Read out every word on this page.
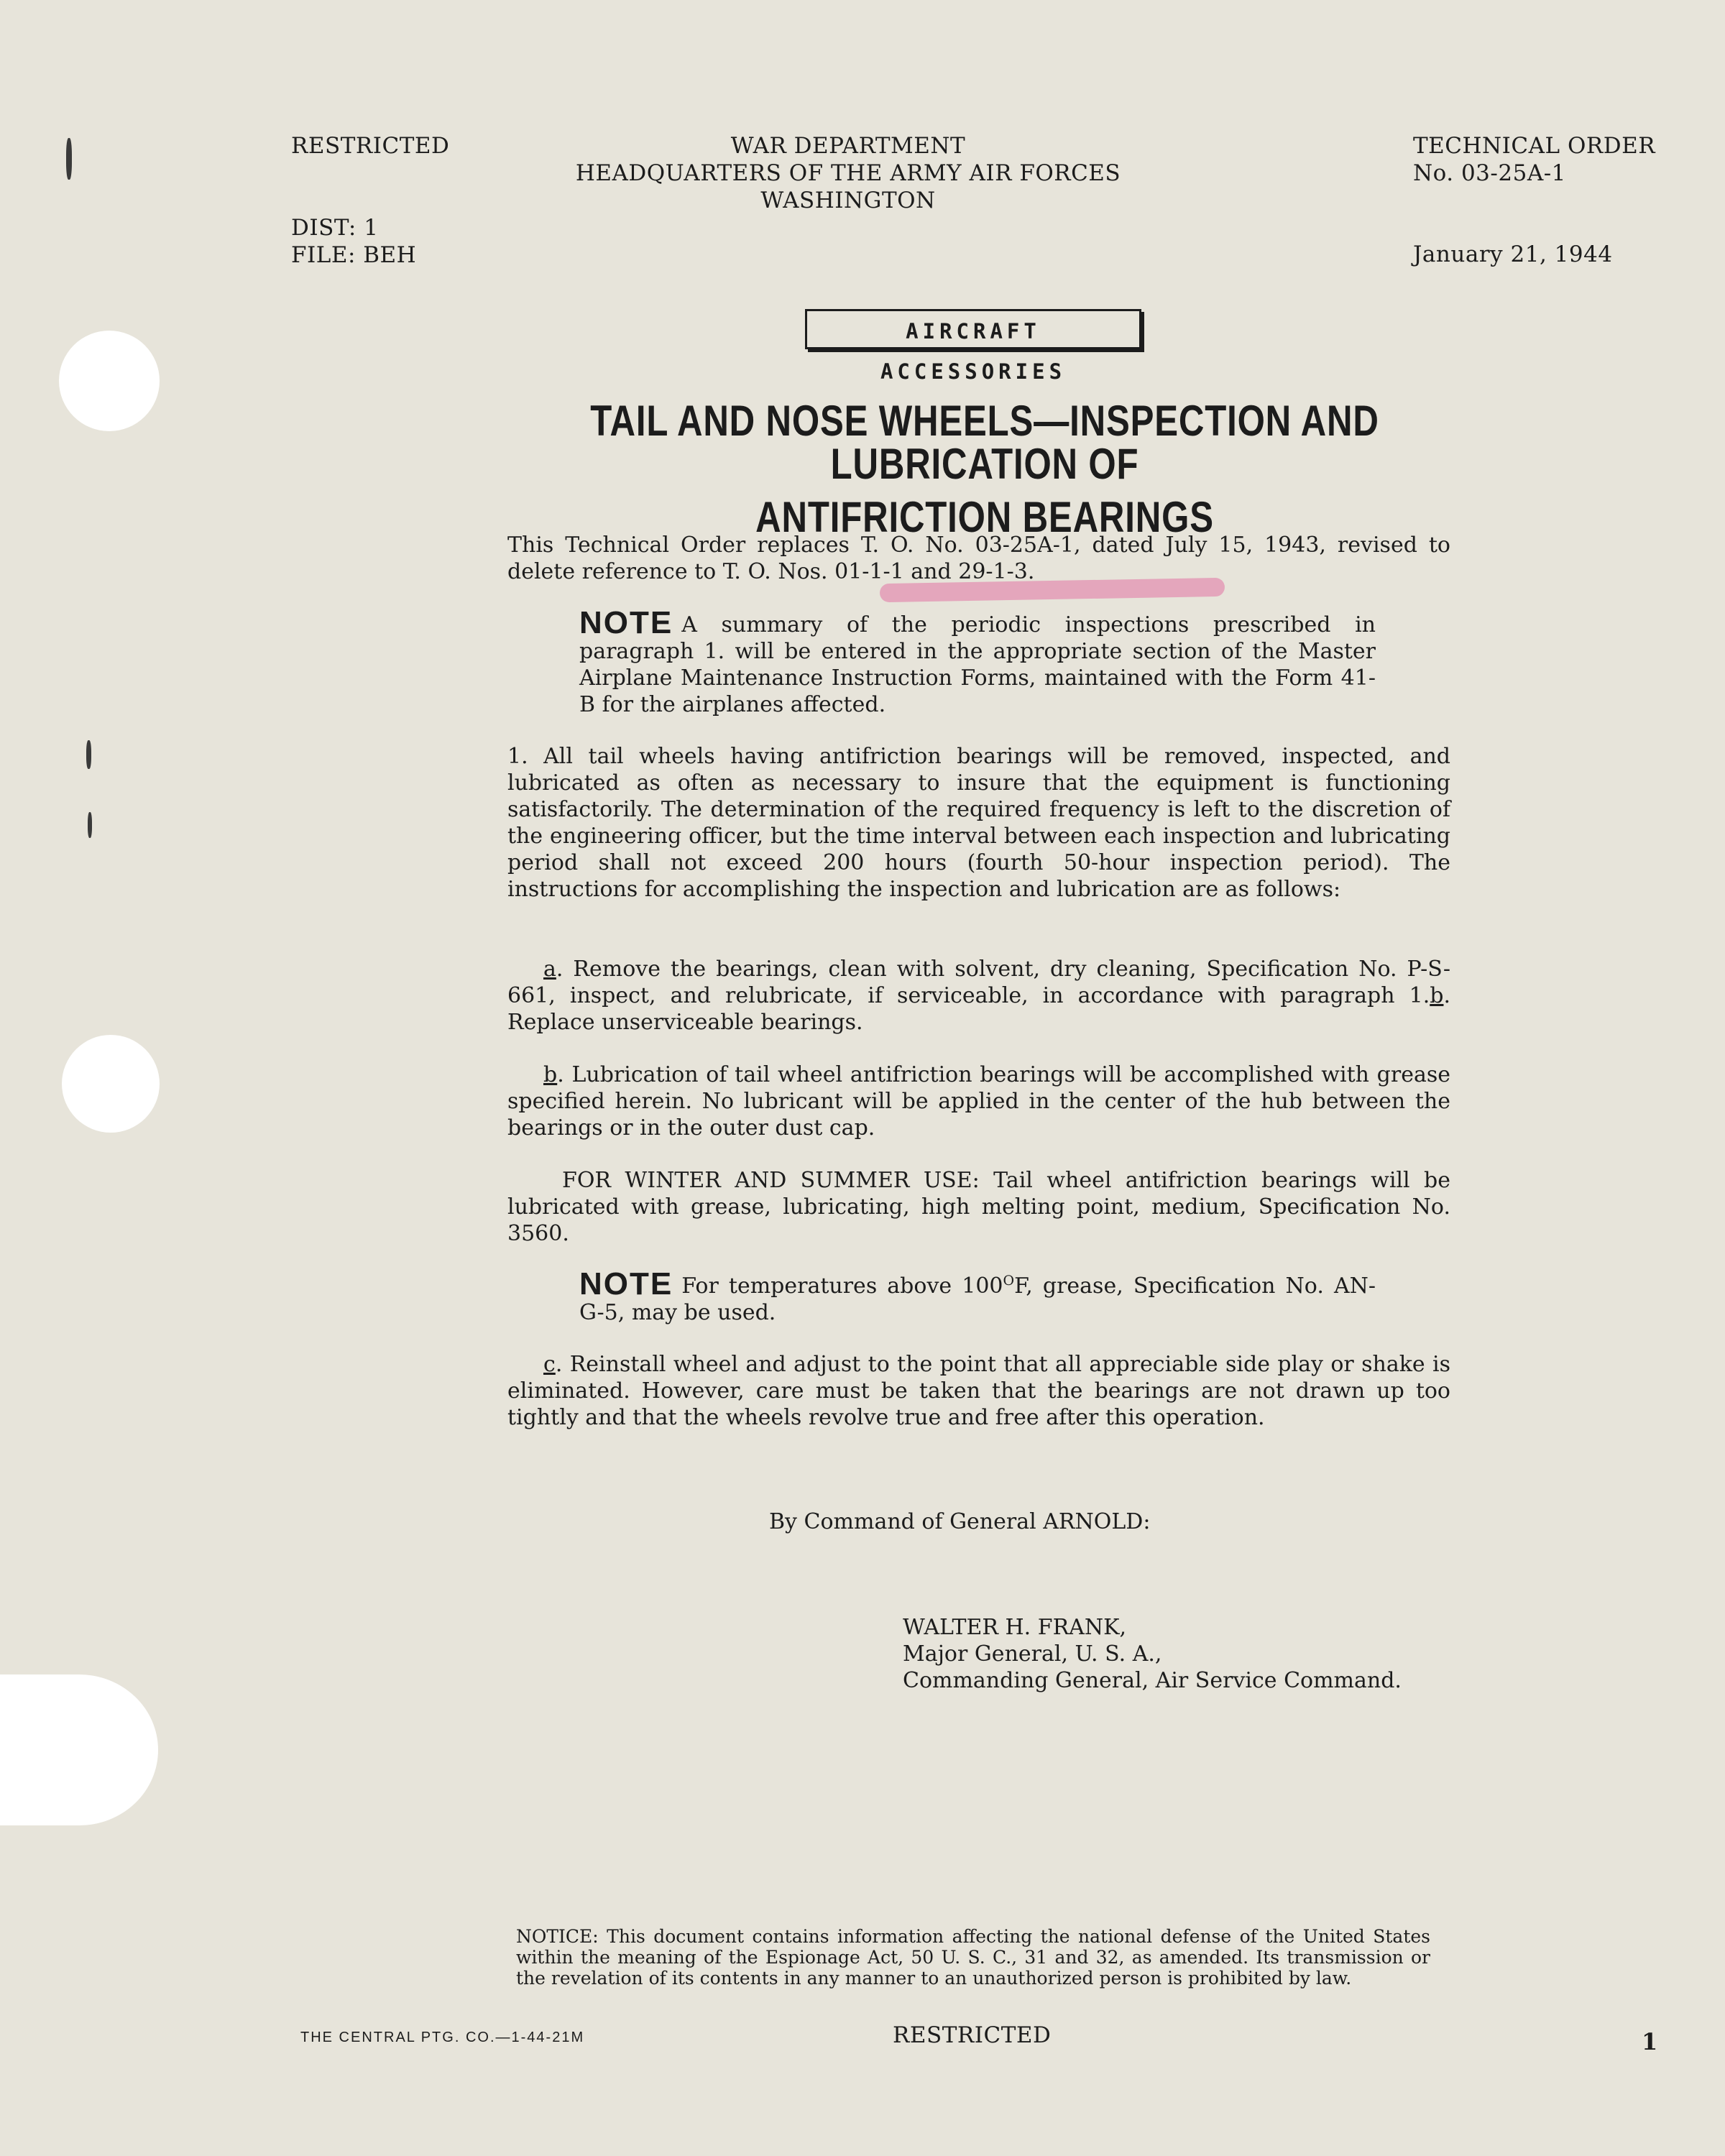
RESTRICTED	WAR DEPARTMENT
HEADQUARTERS OF THE ARMY AIR FORCES
WASHINGTON
TECHNICAL ORDER
No. 03-25A-1
DIST: 1
FILE: BEH	January 21, 1944
AIRCRAFT ACCESSORIES
TAIL AND NOSE WHEELS—INSPECTION AND LUBRICATION OF
ANTIFRICTION BEARINGS
This Technical Order replaces T. O. No. 03-25A-1, dated July 15, 1943, revised to delete reference to T. O. Nos. 01-1-1 and 29-1-3.
NOTE A summary of the periodic inspections prescribed in paragraph 1. will be entered in the appropriate section of the Master Airplane Maintenance Instruction Forms, maintained with the Form 41-B for the airplanes affected.
1. All tail wheels having antifriction bearings will be removed, inspected, and lubricated as often as necessary to insure that the equipment is functioning satisfactorily. The determination of the required frequency is left to the discretion of the engineering officer, but the time interval between each inspection and lubricating period shall not exceed 200 hours (fourth 50-hour inspection period). The instructions for accomplishing the inspection and lubrication are as follows:
a. Remove the bearings, clean with solvent, dry cleaning, Specification No. P-S-661, inspect, and relubricate, if serviceable, in accordance with paragraph 1.b. Replace unserviceable bearings.
b. Lubrication of tail wheel antifriction bearings will be accomplished with grease specified herein. No lubricant will be applied in the center of the hub between the bearings or in the outer dust cap.
FOR WINTER AND SUMMER USE: Tail wheel antifriction bearings will be lubricated with grease, lubricating, high melting point, medium, Specification No. 3560.
NOTE For temperatures above $100^OF$, grease, Specification No. AN-G-5, may be used.
c. Reinstall wheel and adjust to the point that all appreciable side play or shake is eliminated. However, care must be taken that the bearings are not drawn up too tightly and that the wheels revolve true and free after this operation.
By Command of General ARNOLD:
WALTER H. FRANK,
Major General, U. S. A.,
Commanding General, Air Service Command.
NOTICE: This document contains information affecting the national defense of the United States within the meaning of the Espionage Act, 50 U. S. C., 31 and 32, as amended. Its transmission or the revelation of its contents in any manner to an unauthorized person is prohibited by law.
THE CENTRAL PTG. CO.—1-44-21M	RESTRICTED	1
